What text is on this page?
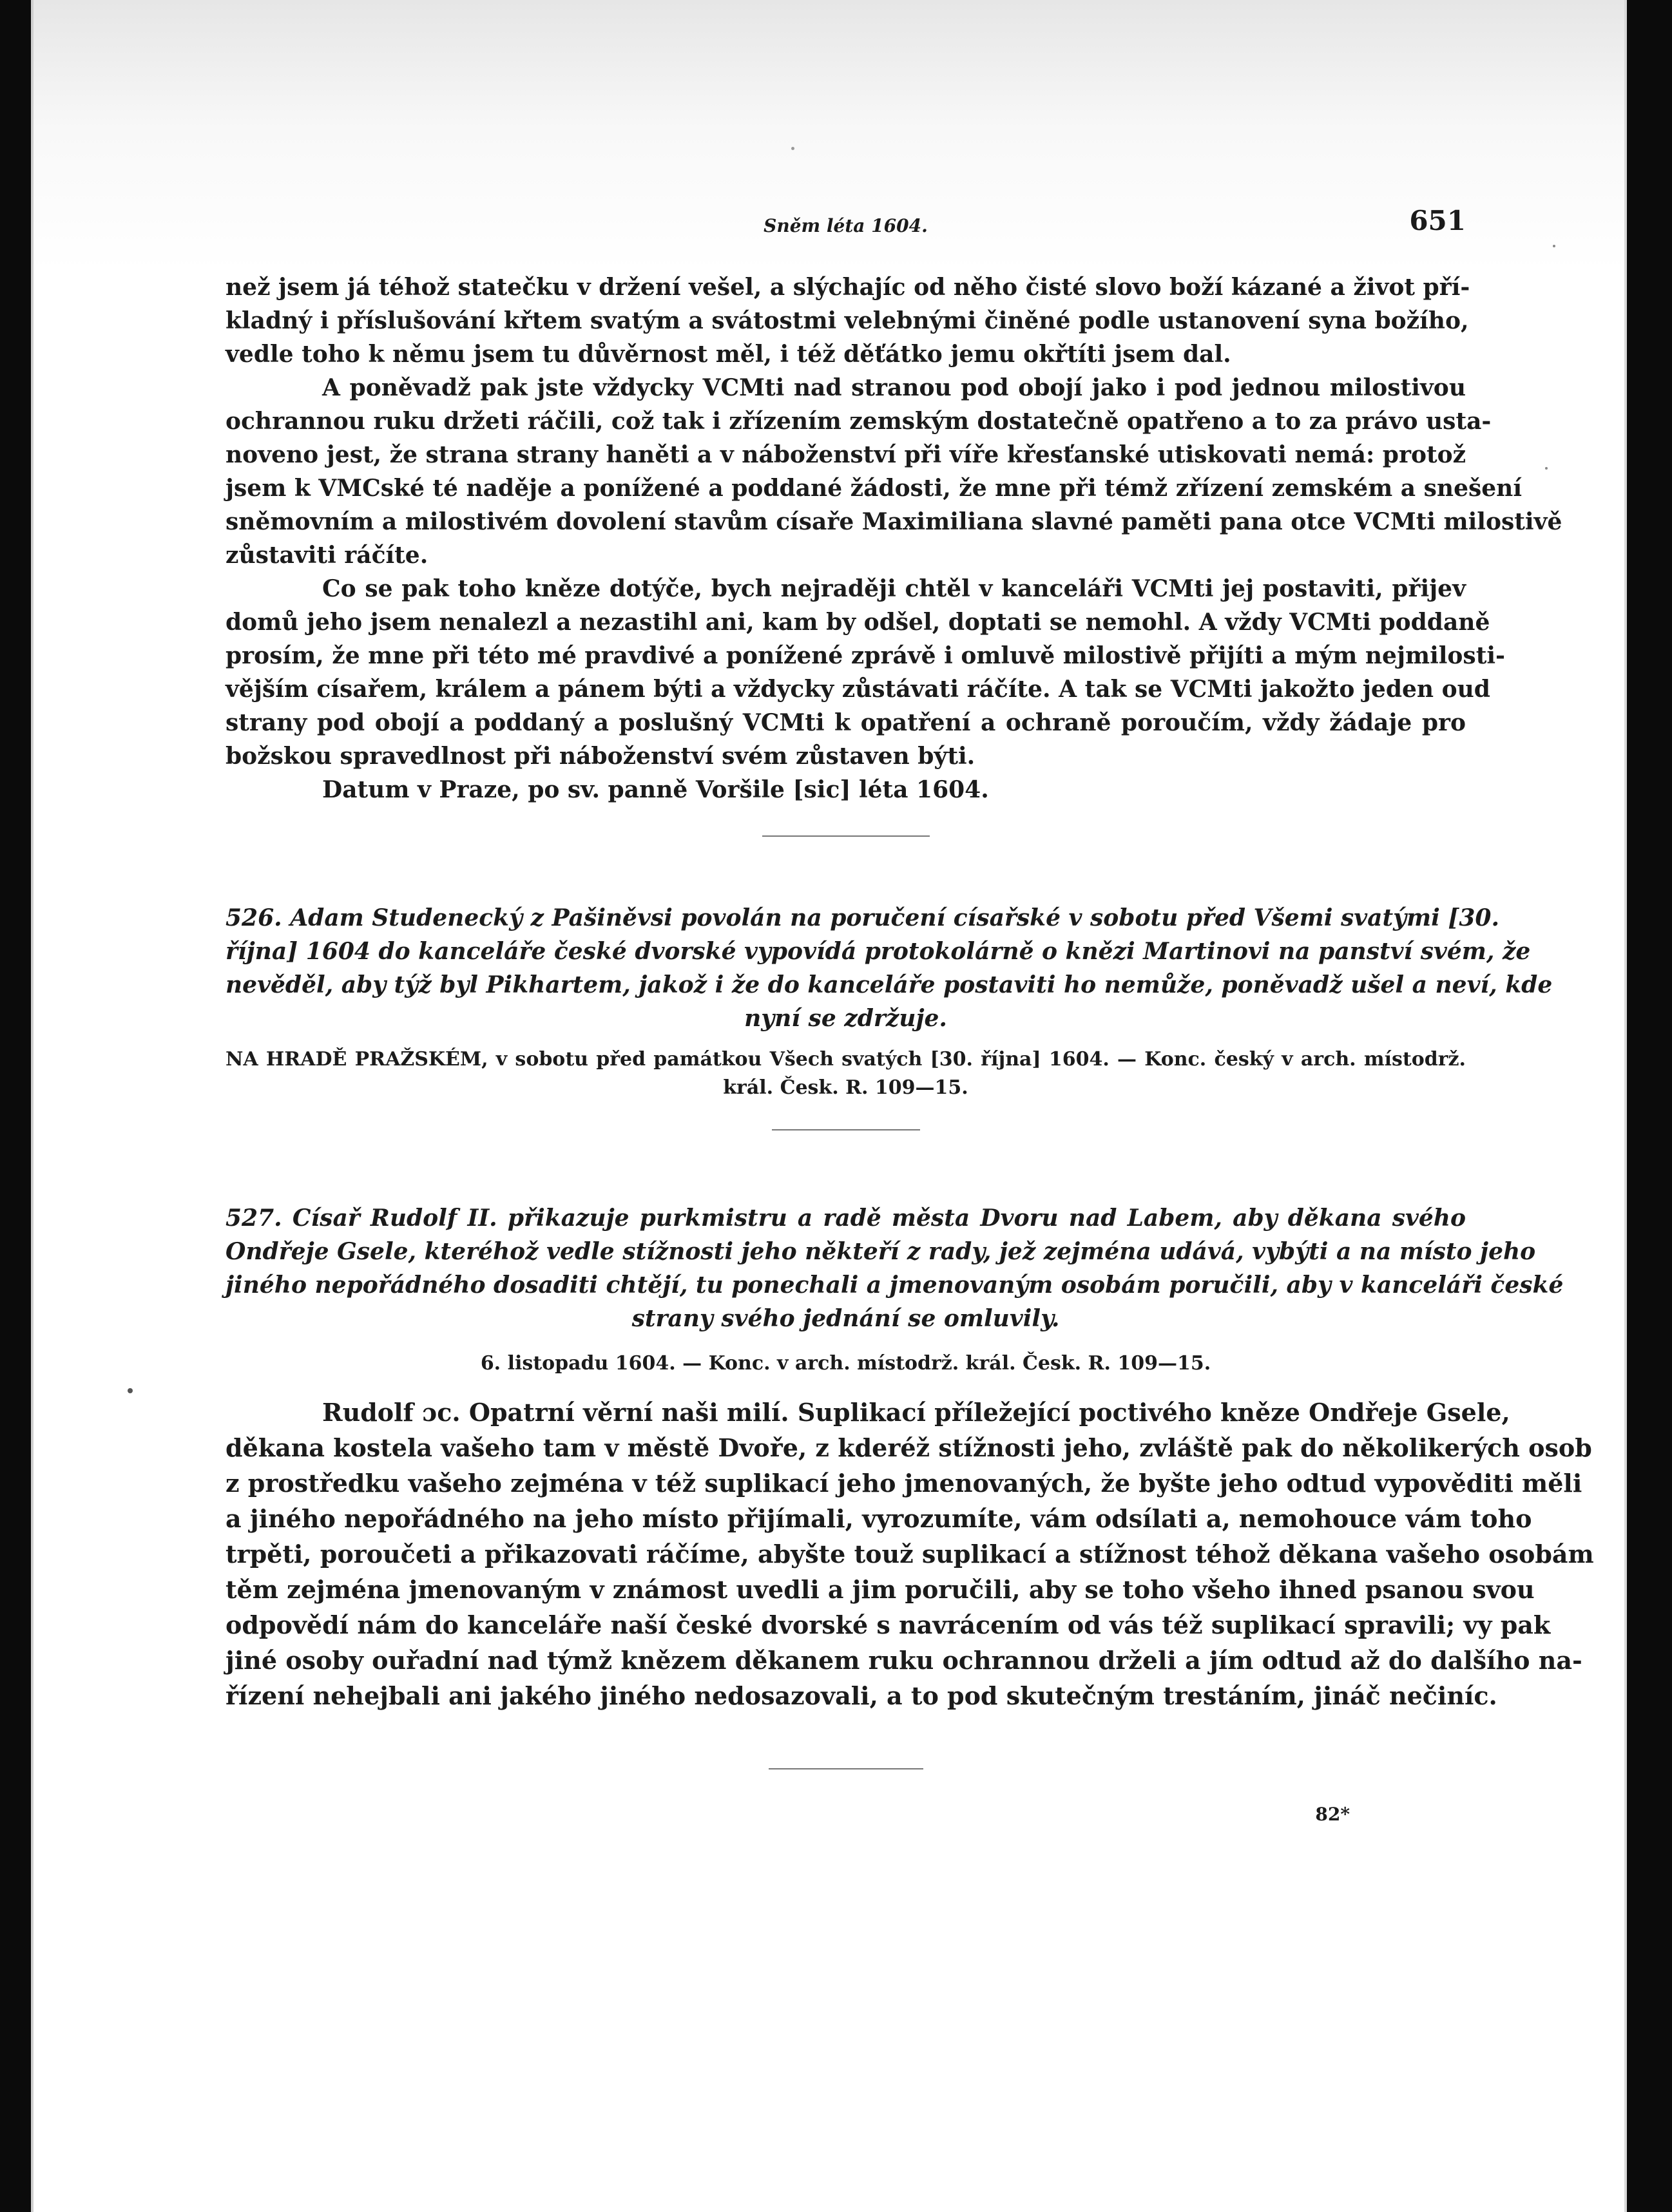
Sněm léta 1604.	651
než jsem já téhož statečku v držení vešel, a slýchajíc od něho čisté slovo boží kázané a život pří-
kladný i příslušování křtem svatým a svátostmi velebnými činěné podle ustanovení syna božího,
vedle toho k němu jsem tu důvěrnost měl, i též děťátko jemu okřtíti jsem dal.
A poněvadž pak jste vždycky VCMti nad stranou pod obojí jako i pod jednou milostivou
ochrannou ruku držeti ráčili, což tak i zřízením zemským dostatečně opatřeno a to za právo usta-
noveno jest, že strana strany haněti a v náboženství při víře křesťanské utiskovati nemá: protož
jsem k VMCské té naděje a ponížené a poddané žádosti, že mne při témž zřízení zemském a snešení
sněmovním a milostivém dovolení stavům císaře Maximiliana slavné paměti pana otce VCMti milostivě
zůstaviti ráčíte.
Co se pak toho kněze dotýče, bych nejraději chtěl v kanceláři VCMti jej postaviti, přijev
domů jeho jsem nenalezl a nezastihl ani, kam by odšel, doptati se nemohl. A vždy VCMti poddaně
prosím, že mne při této mé pravdivé a ponížené zprávě i omluvě milostivě přijíti a mým nejmilosti-
vějším císařem, králem a pánem býti a vždycky zůstávati ráčíte. A tak se VCMti jakožto jeden oud
strany pod obojí a poddaný a poslušný VCMti k opatření a ochraně poroučím, vždy žádaje pro
božskou spravedlnost při náboženství svém zůstaven býti.
Datum v Praze, po sv. panně Voršile [sic] léta 1604.
526. Adam Studenecký z Pašiněvsi povolán na poručení císařské v sobotu před Všemi svatými [30.
října] 1604 do kanceláře české dvorské vypovídá protokolárně o knězi Martinovi na panství svém, že
nevěděl, aby týž byl Pikhartem, jakož i že do kanceláře postaviti ho nemůže, poněvadž ušel a neví, kde
nyní se zdržuje.
NA HRADĚ PRAŽSKÉM, v sobotu před památkou Všech svatých [30. října] 1604. — Konc. český v arch. místodrž.
král. Česk. R. 109—15.
527. Císař Rudolf II. přikazuje purkmistru a radě města Dvoru nad Labem, aby děkana svého
Ondřeje Gsele, kteréhož vedle stížnosti jeho někteří z rady, jež zejména udává, vybýti a na místo jeho
jiného nepořádného dosaditi chtějí, tu ponechali a jmenovaným osobám poručili, aby v kanceláři české
strany svého jednání se omluvily.
6. listopadu 1604. — Konc. v arch. místodrž. král. Česk. R. 109—15.
Rudolf ɔc. Opatrní věrní naši milí. Suplikací příležející poctivého kněze Ondřeje Gsele,
děkana kostela vašeho tam v městě Dvoře, z kderéž stížnosti jeho, zvláště pak do několikerých osob
z prostředku vašeho zejména v též suplikací jeho jmenovaných, že byšte jeho odtud vypověditi měli
a jiného nepořádného na jeho místo přijímali, vyrozumíte, vám odsílati a, nemohouce vám toho
trpěti, poroučeti a přikazovati ráčíme, abyšte touž suplikací a stížnost téhož děkana vašeho osobám
těm zejména jmenovaným v známost uvedli a jim poručili, aby se toho všeho ihned psanou svou
odpovědí nám do kanceláře naší české dvorské s navrácením od vás též suplikací spravili; vy pak
jiné osoby ouřadní nad týmž knězem děkanem ruku ochrannou drželi a jím odtud až do dalšího na-
řízení nehejbali ani jakého jiného nedosazovali, a to pod skutečným trestáním, jináč nečiníc.
82*
